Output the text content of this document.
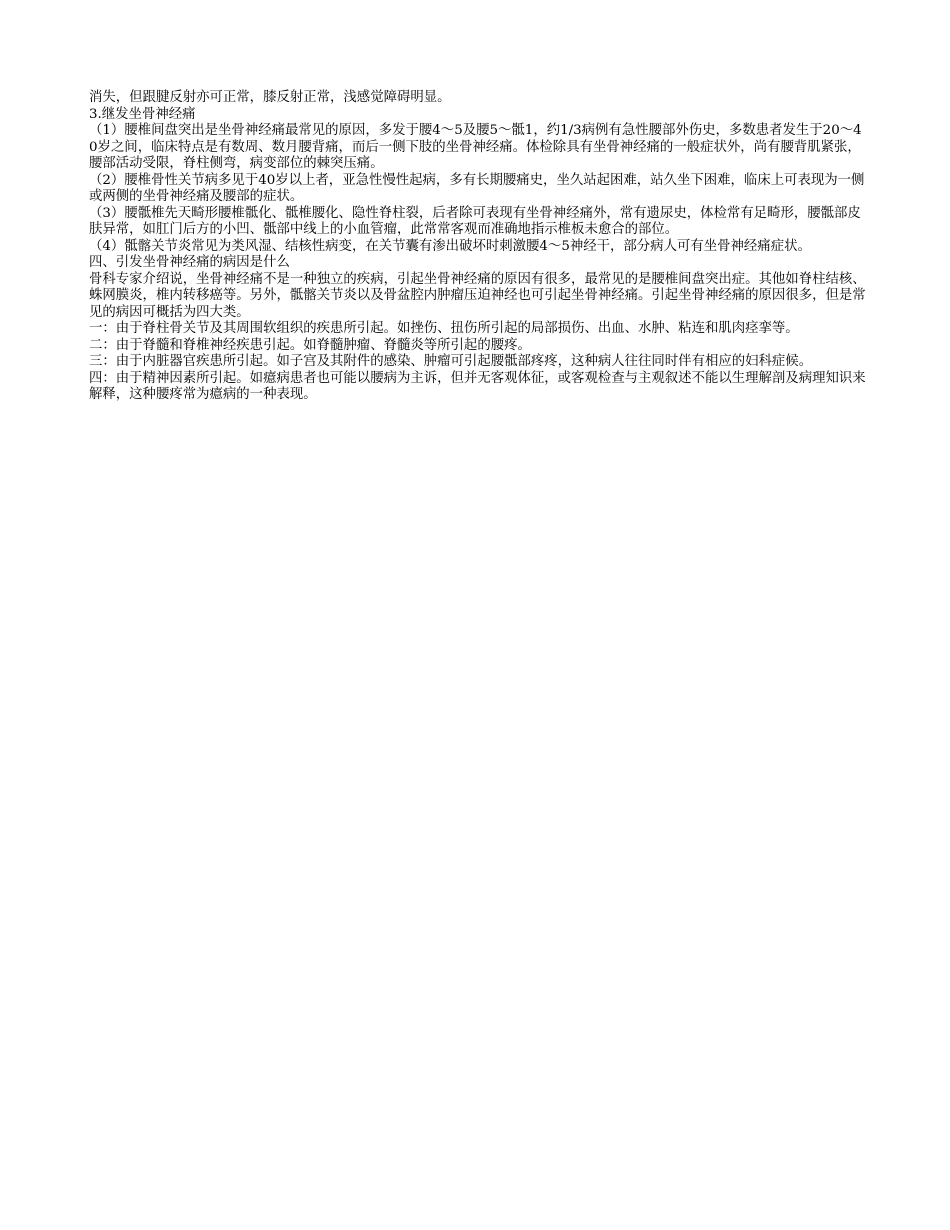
消失，但跟腱反射亦可正常，膝反射正常，浅感觉障碍明显。

3.继发坐骨神经痛

（1）腰椎间盘突出是坐骨神经痛最常见的原因，多发于腰4～5及腰5～骶1，约1/3病例有急性腰部外伤史，多数患者发生于20～40岁之间，临床特点是有数周、数月腰背痛，而后一侧下肢的坐骨神经痛。体检除具有坐骨神经痛的一般症状外，尚有腰背肌紧张，腰部活动受限，脊柱侧弯，病变部位的棘突压痛。

（2）腰椎骨性关节病多见于40岁以上者，亚急性慢性起病，多有长期腰痛史，坐久站起困难，站久坐下困难，临床上可表现为一侧或两侧的坐骨神经痛及腰部的症状。

（3）腰骶椎先天畸形腰椎骶化、骶椎腰化、隐性脊柱裂，后者除可表现有坐骨神经痛外，常有遗尿史，体检常有足畸形，腰骶部皮肤异常，如肛门后方的小凹、骶部中线上的小血管瘤，此常常客观而准确地指示椎板未愈合的部位。

（4）骶髂关节炎常见为类风湿、结核性病变，在关节囊有渗出破坏时刺激腰4～5神经干，部分病人可有坐骨神经痛症状。

四、引发坐骨神经痛的病因是什么

骨科专家介绍说，坐骨神经痛不是一种独立的疾病，引起坐骨神经痛的原因有很多，最常见的是腰椎间盘突出症。其他如脊柱结核、蛛网膜炎，椎内转移癌等。另外，骶髂关节炎以及骨盆腔内肿瘤压迫神经也可引起坐骨神经痛。引起坐骨神经痛的原因很多，但是常见的病因可概括为四大类。

一：由于脊柱骨关节及其周围软组织的疾患所引起。如挫伤、扭伤所引起的局部损伤、出血、水肿、粘连和肌肉痉挛等。

二：由于脊髓和脊椎神经疾患引起。如脊髓肿瘤、脊髓炎等所引起的腰疼。

三：由于内脏器官疾患所引起。如子宫及其附件的感染、肿瘤可引起腰骶部疼疼，这种病人往往同时伴有相应的妇科症候。

四：由于精神因素所引起。如癔病患者也可能以腰病为主诉，但并无客观体征，或客观检查与主观叙述不能以生理解剖及病理知识来解释，这种腰疼常为癔病的一种表现。
